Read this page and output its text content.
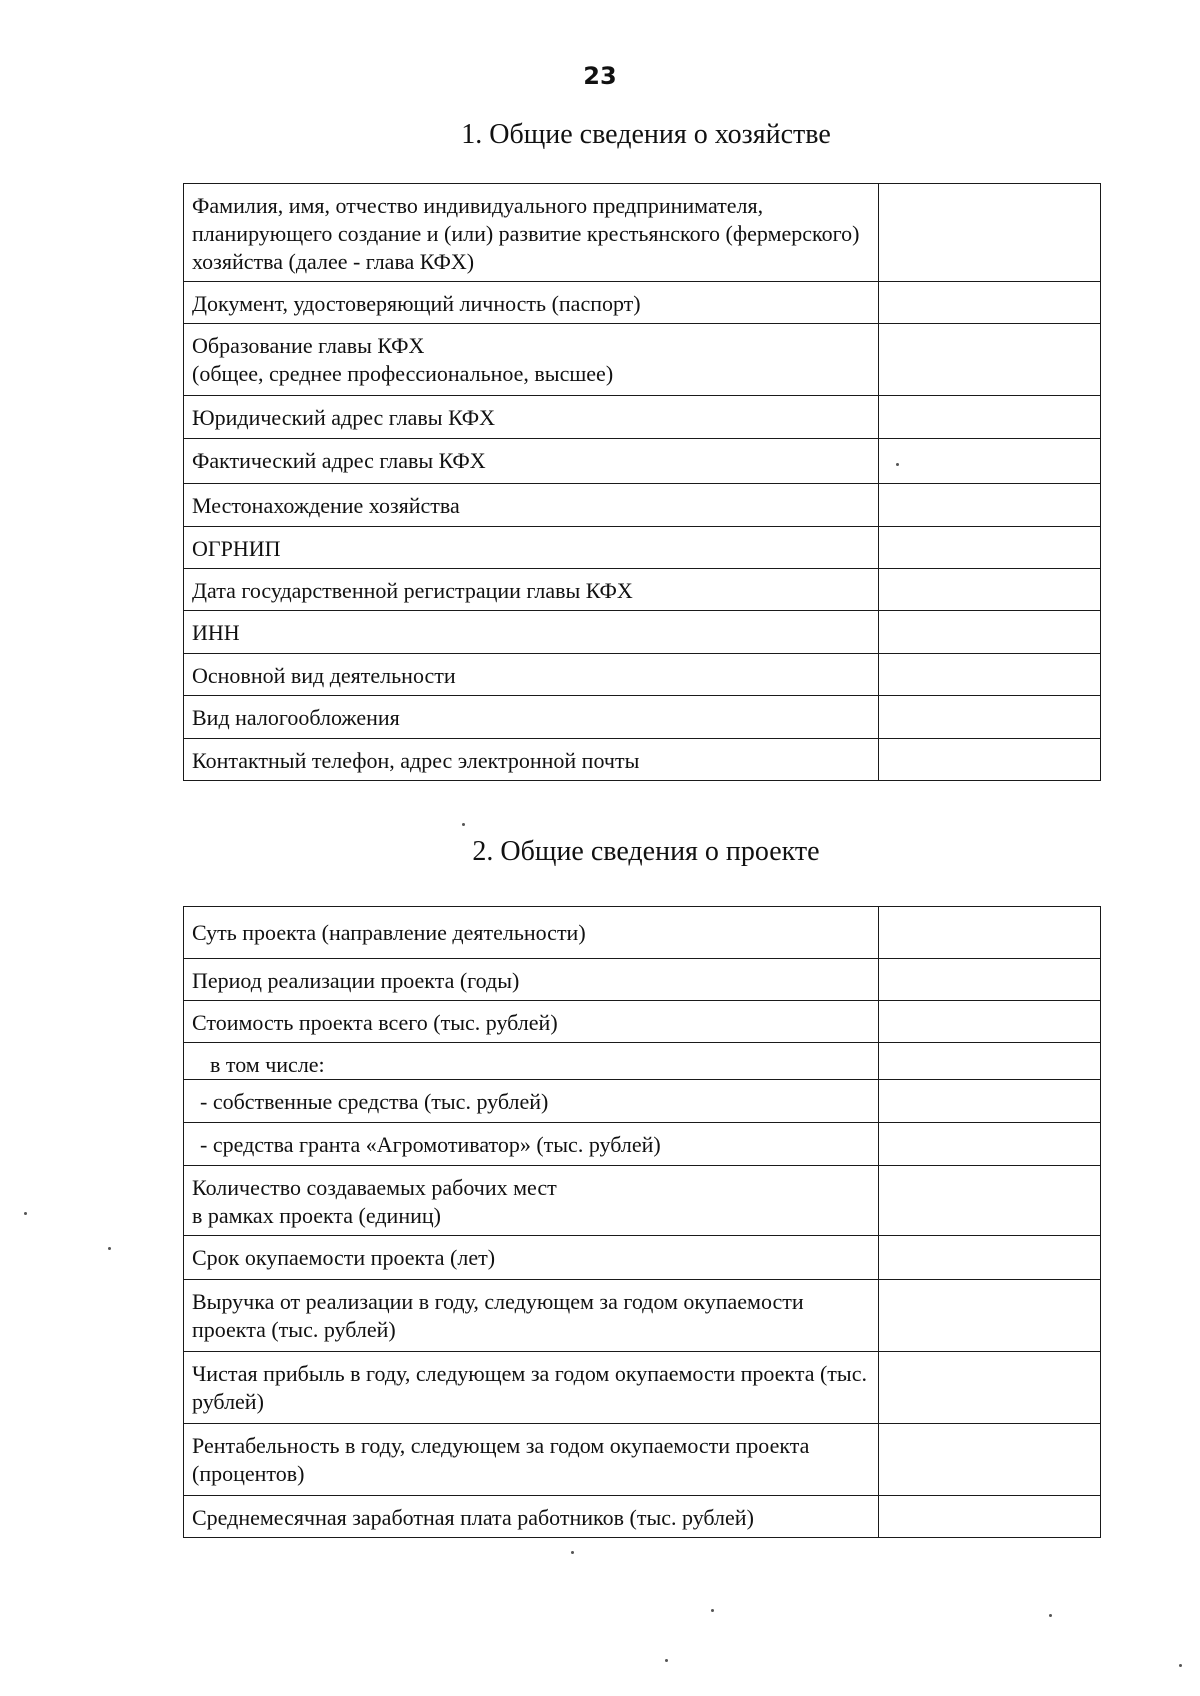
23
1. Общие сведения о хозяйстве
Фамилия, имя, отчество индивидуального предпринимателя, планирующего создание и (или) развитие крестьянского (фермерского) хозяйства (далее - глава КФХ)	
Документ, удостоверяющий личность (паспорт)	
Образование главы КФХ
(общее, среднее профессиональное, высшее)	
Юридический адрес главы КФХ	
Фактический адрес главы КФХ	
Местонахождение хозяйства	
ОГРНИП	
Дата государственной регистрации главы КФХ	
ИНН	
Основной вид деятельности	
Вид налогообложения	
Контактный телефон, адрес электронной почты	
2. Общие сведения о проекте
Суть проекта (направление деятельности)	
Период реализации проекта (годы)	
Стоимость проекта всего (тыс. рублей)	
в том числе:	
- собственные средства (тыс. рублей)	
- средства гранта «Агромотиватор» (тыс. рублей)	
Количество создаваемых рабочих мест
в рамках проекта (единиц)	
Срок окупаемости проекта (лет)	
Выручка от реализации в году, следующем за годом окупаемости проекта (тыс. рублей)	
Чистая прибыль в году, следующем за годом окупаемости проекта (тыс. рублей)	
Рентабельность в году, следующем за годом окупаемости проекта (процентов)	
Среднемесячная заработная плата работников (тыс. рублей)	
